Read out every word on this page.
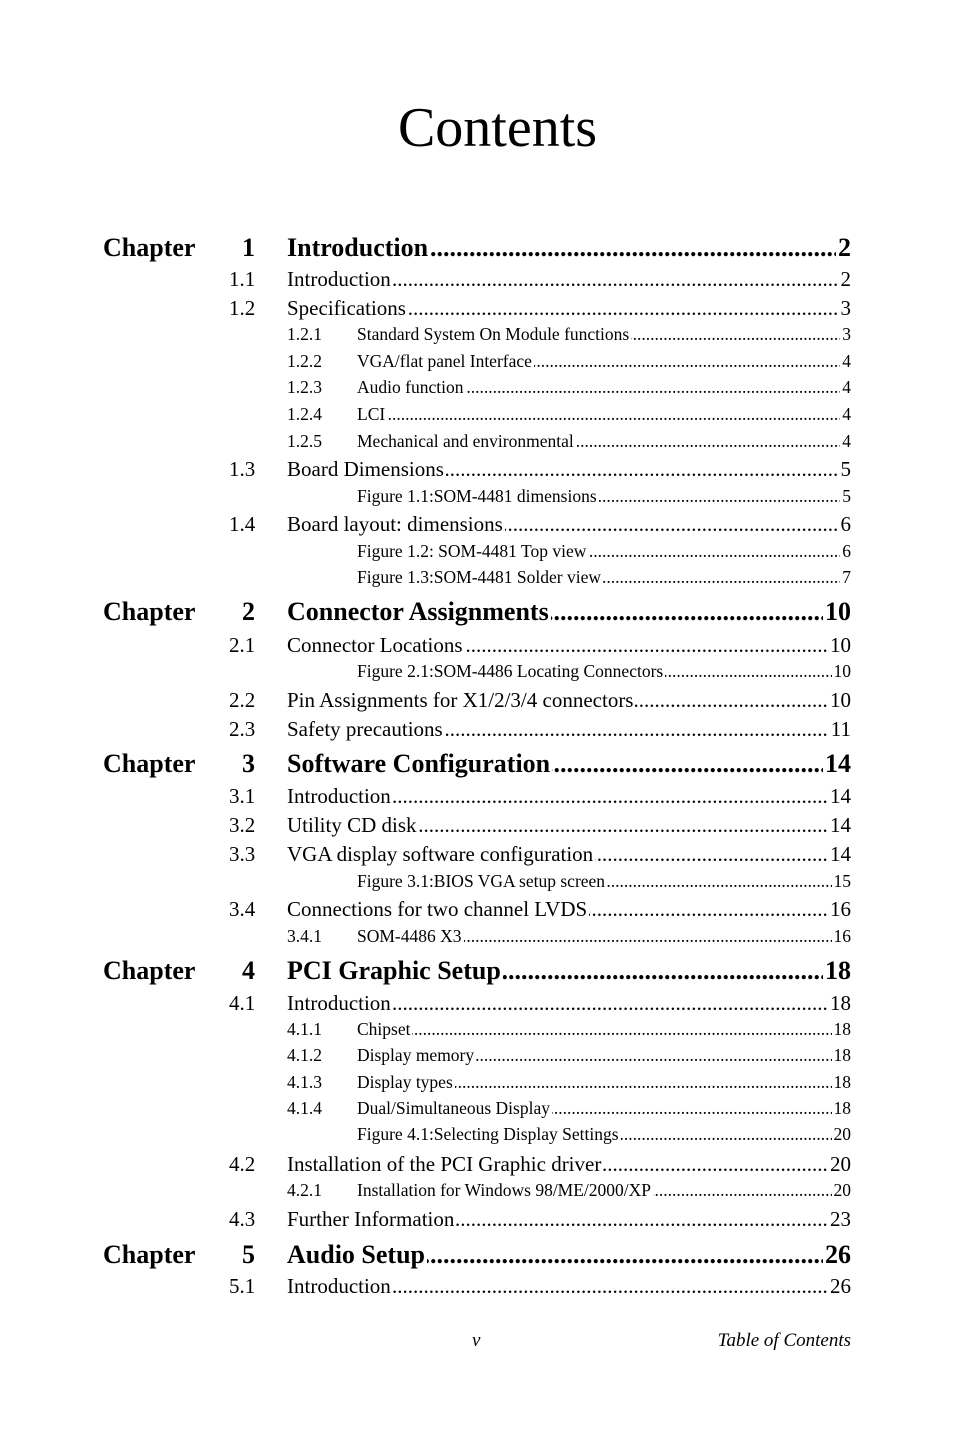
Contents
Chapter 1 Introduction .....	2
1.1 Introduction .....	2
1.2 Specifications .....	3
1.2.1 Standard System On Module functions .....	3
1.2.2 VGA/flat panel Interface .....	4
1.2.3 Audio function .....	4
1.2.4 LCI .....	4
1.2.5 Mechanical and environmental .....	4
1.3 Board Dimensions .....	5
Figure 1.1:SOM-4481 dimensions .....	5
1.4 Board layout: dimensions .....	6
Figure 1.2: SOM-4481 Top view .....	6
Figure 1.3:SOM-4481 Solder view .....	7
Chapter 2 Connector Assignments .....	10
2.1 Connector Locations .....	10
Figure 2.1:SOM-4486 Locating Connectors .....	10
2.2 Pin Assignments for X1/2/3/4 connectors .....	10
2.3 Safety precautions .....	11
Chapter 3 Software Configuration .....	14
3.1 Introduction .....	14
3.2 Utility CD disk .....	14
3.3 VGA display software configuration .....	14
Figure 3.1:BIOS VGA setup screen .....	15
3.4 Connections for two channel LVDS .....	16
3.4.1 SOM-4486 X3 .....	16
Chapter 4 PCI Graphic Setup .....	18
4.1 Introduction .....	18
4.1.1 Chipset .....	18
4.1.2 Display memory .....	18
4.1.3 Display types .....	18
4.1.4 Dual/Simultaneous Display .....	18
Figure 4.1:Selecting Display Settings .....	20
4.2 Installation of the PCI Graphic driver .....	20
4.2.1 Installation for Windows 98/ME/2000/XP .....	20
4.3 Further Information .....	23
Chapter 5 Audio Setup .....	26
5.1 Introduction .....	26
v	Table of Contents
